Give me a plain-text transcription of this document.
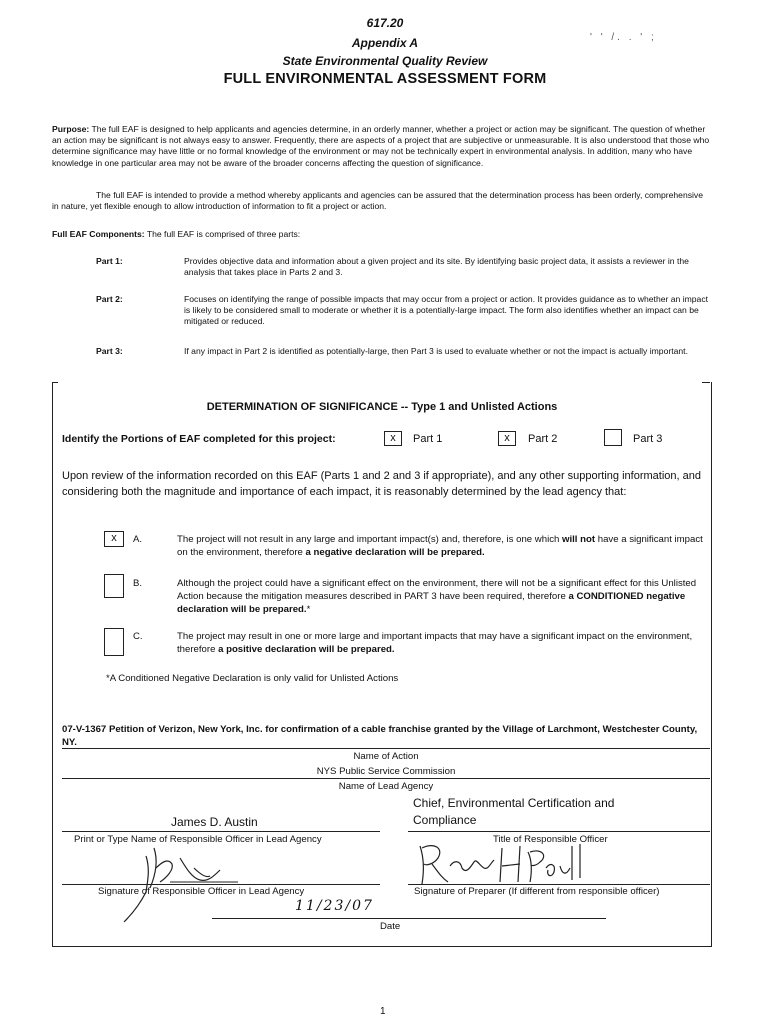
617.20
Appendix A
State Environmental Quality Review
FULL ENVIRONMENTAL ASSESSMENT FORM
' ' /. . ' ;
Purpose: The full EAF is designed to help applicants and agencies determine, in an orderly manner, whether a project or action may be significant. The question of whether an action may be significant is not always easy to answer. Frequently, there are aspects of a project that are subjective or unmeasurable. It is also understood that those who determine significance may have little or no formal knowledge of the environment or may not be technically expert in environmental analysis. In addition, many who have knowledge in one particular area may not be aware of the broader concerns affecting the question of significance.
The full EAF is intended to provide a method whereby applicants and agencies can be assured that the determination process has been orderly, comprehensive in nature, yet flexible enough to allow introduction of information to fit a project or action.
Full EAF Components: The full EAF is comprised of three parts:
Part 1:	Provides objective data and information about a given project and its site. By identifying basic project data, it assists a reviewer in the analysis that takes place in Parts 2 and 3.
Part 2:	Focuses on identifying the range of possible impacts that may occur from a project or action. It provides guidance as to whether an impact is likely to be considered small to moderate or whether it is a potentially-large impact. The form also identifies whether an impact can be mitigated or reduced.
Part 3:	If any impact in Part 2 is identified as potentially-large, then Part 3 is used to evaluate whether or not the impact is actually important.
DETERMINATION OF SIGNIFICANCE -- Type 1 and Unlisted Actions
Identify the Portions of EAF completed for this project:	x	Part 1	x	Part 2	Part 3
Upon review of the information recorded on this EAF (Parts 1 and 2 and 3 if appropriate), and any other supporting information, and considering both the magnitude and importance of each impact, it is reasonably determined by the lead agency that:
x	A.	The project will not result in any large and important impact(s) and, therefore, is one which will not have a significant impact on the environment, therefore a negative declaration will be prepared.
B.	Although the project could have a significant effect on the environment, there will not be a significant effect for this Unlisted Action because the mitigation measures described in PART 3 have been required, therefore a CONDITIONED negative declaration will be prepared.*
C.	The project may result in one or more large and important impacts that may have a significant impact on the environment, therefore a positive declaration will be prepared.
*A Conditioned Negative Declaration is only valid for Unlisted Actions
07-V-1367 Petition of Verizon, New York, Inc. for confirmation of a cable franchise granted by the Village of Larchmont, Westchester County, NY.
Name of Action
NYS Public Service Commission
Name of Lead Agency
James D. Austin
Chief, Environmental Certification and Compliance
Print or Type Name of Responsible Officer in Lead Agency	Title of Responsible Officer
Signature of Responsible Officer in Lead Agency	Signature of Preparer (If different from responsible officer)
11/23/07
Date
1
